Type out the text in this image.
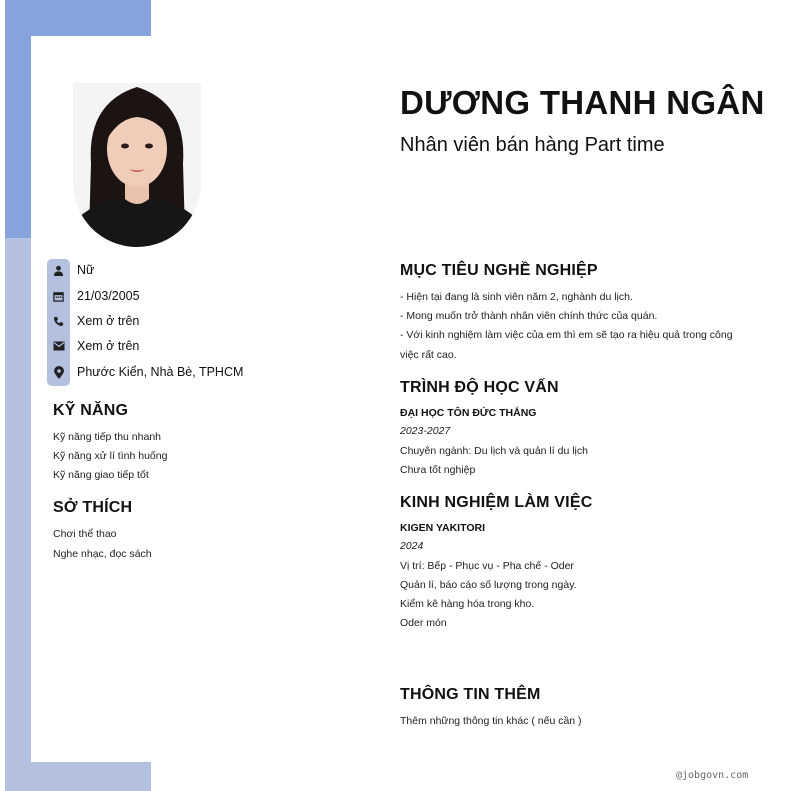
Nữ
21/03/2005
Xem ở trên
Xem ở trên
Phước Kiển, Nhà Bè, TPHCM
KỸ NĂNG
Kỹ năng tiếp thu nhanh
Kỹ năng xử lí tình huống
Kỹ năng giao tiếp tốt
SỞ THÍCH
Chơi thể thao
Nghe nhạc, đọc sách
DƯƠNG THANH NGÂN
Nhân viên bán hàng Part time
MỤC TIÊU NGHỀ NGHIỆP
- Hiện tại đang là sinh viên năm 2, nghành du lịch.
- Mong muốn trở thành nhân viên chính thức của quán.
- Với kinh nghiệm làm việc của em thì em sẽ tạo ra hiệu quả trong công
việc rất cao.
TRÌNH ĐỘ HỌC VẤN
ĐẠI HỌC TÔN ĐỨC THẮNG
2023-2027
Chuyên ngành: Du lịch và quản lí du lịch
Chưa tốt nghiệp
KINH NGHIỆM LÀM VIỆC
KIGEN YAKITORI
2024
Vị trí: Bếp - Phục vụ - Pha chế - Oder
Quản lí, báo cáo số lượng trong ngày.
Kiểm kê hàng hóa trong kho.
Oder món
THÔNG TIN THÊM
Thêm những thông tin khác ( nếu cần )
@jobgovn.com
